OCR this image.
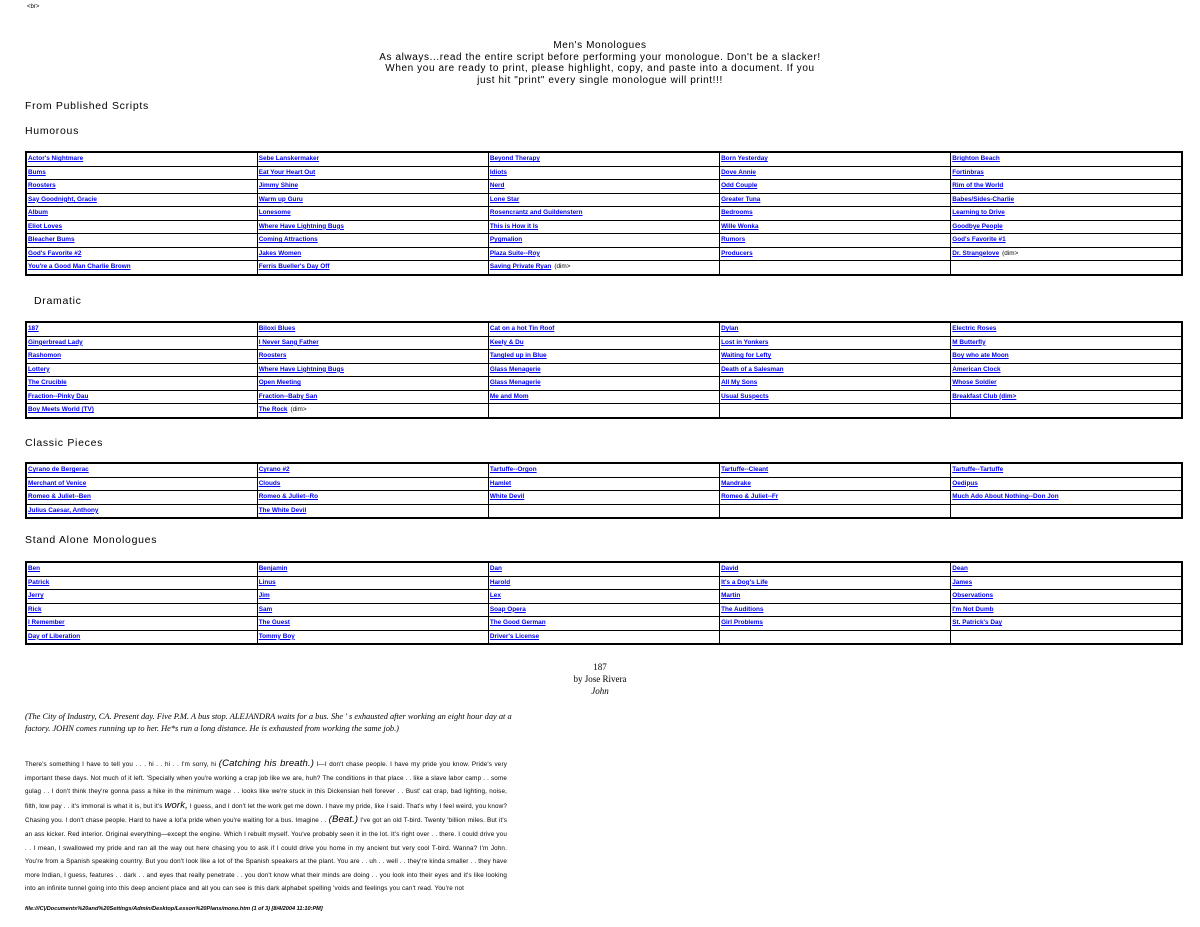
<br>
Men's Monologues
As always...read the entire script before performing your monologue. Don't be a slacker!
When you are ready to print, please highlight, copy, and paste into a document. If you
just hit "print" every single monologue will print!!!
From Published Scripts
Humorous
Actor's Nightmare	Sebe Lanskermaker	Beyond Therapy	Born Yesterday	Brighton Beach
Bums	Eat Your Heart Out	Idiots	Dove Annie	Fortinbras
Roosters	Jimmy Shine	Nerd	Odd Couple	Rim of the World
Say Goodnight, Gracie	Warm up Guru	Lone Star	Greater Tuna	Babes/Sides-Charlie
Album	Lonesome	Rosencrantz and Guildenstern	Bedrooms	Learning to Drive
Eliot Loves	Where Have Lightning Bugs	This is How it Is	Wille Wonka	Goodbye People
Bleacher Bums	Coming Attractions	Pygmalion	Rumors	God's Favorite #1
God's Favorite #2	Jakes Women	Plaza Suite--Roy	Producers	Dr. Strangelove (dim>
You're a Good Man Charlie Brown	Ferris Bueller's Day Off	Saving Private Ryan (dim>		
Dramatic
187	Biloxi Blues	Cat on a hot Tin Roof	Dylan	Electric Roses
Gingerbread Lady	I Never Sang Father	Keely & Du	Lost in Yonkers	M Butterfly
Rashomon	Roosters	Tangled up in Blue	Waiting for Lefty	Boy who ate Moon
Lottery	Where Have Lightning Bugs	Glass Menagerie	Death of a Salesman	American Clock
The Crucible	Open Meeting	Glass Menagerie	All My Sons	Whose Soldier
Fraction--Pinky Dau	Fraction--Baby San	Me and Mom	Usual Suspects	Breakfast Club (dim>
Boy Meets World (TV)	The Rock (dim>			
Classic Pieces
Cyrano de Bergerac	Cyrano #2	Tartuffe--Orgon	Tartuffe--Cleant	Tartuffe--Tartuffe
Merchant of Venice	Clouds	Hamlet	Mandrake	Oedipus
Romeo & Juliet--Ben	Romeo & Juliet--Ro	White Devil	Romeo & Juliet--Fr	Much Ado About Nothing--Don Jon
Julius Caesar, Anthony	The White Devil			
Stand Alone Monologues
Ben	Benjamin	Dan	David	Dean
Patrick	Linus	Harold	It's a Dog's Life	James
Jerry	Jim	Lex	Martin	Observations
Rick	Sam	Soap Opera	The Auditions	I'm Not Dumb
I Remember	The Guest	The Good German	Girl Problems	St. Patrick's Day
Day of Liberation	Tommy Boy	Driver's License		
187
by Jose Rivera
John
(The City of Industry, CA. Present day. Five P.M. A bus stop. ALEJANDRA waits for a bus. She ' s exhausted after working an eight hour day at a factory. JOHN comes running up to her. He*s run a long distance. He is exhausted from working the same job.)
There's something I have to tell you . . . hi . . hi . . I'm sorry, hi (Catching his breath.) I—I don't chase people. I have my pride you know. Pride's very important these days. Not much of it left. 'Specially when you're working a crap job like we are, huh? The conditions in that place . . like a slave labor camp . . some gulag . . I don't think they're gonna pass a hike in the minimum wage . . looks like we're stuck in this Dickensian hell forever . . Bust' cat crap, bad lighting, noise, filth, low pay . . it's immoral is what it is, but it's work, I guess, and I don't let the work get me down. I have my pride, like I said. That's why I feel weird, you know? Chasing you. I don't chase people. Hard to have a lot'a pride when you're waiting for a bus. Imagine . . (Beat.) I've got an old T-bird. Twenty 'billion miles. But it's an ass kicker. Red interior. Original everything—except the engine. Which I rebuilt myself. You've probably seen it in the lot. It's right over . . there. I could drive you . . I mean, I swallowed my pride and ran all the way out here chasing you to ask if I could drive you home in my ancient but very cool T-bird. Wanna? I'm John. You're from a Spanish speaking country. But you don't look like a lot of the Spanish speakers at the plant. You are . . uh . . well . . they're kinda smaller . . they have more Indian, I guess, features . . dark . . and eyes that really penetrate . . you don't know what their minds are doing . . you look into their eyes and it's like looking into an infinite tunnel going into this deep ancient place and all you can see is this dark alphabet spelling 'voids and feelings you can't read. You're not
file:///C|/Documents%20and%20Settings/Admin/Desktop/Lesson%20Plans/mono.htm (1 of 3) [8/4/2004 11:10:PM]
